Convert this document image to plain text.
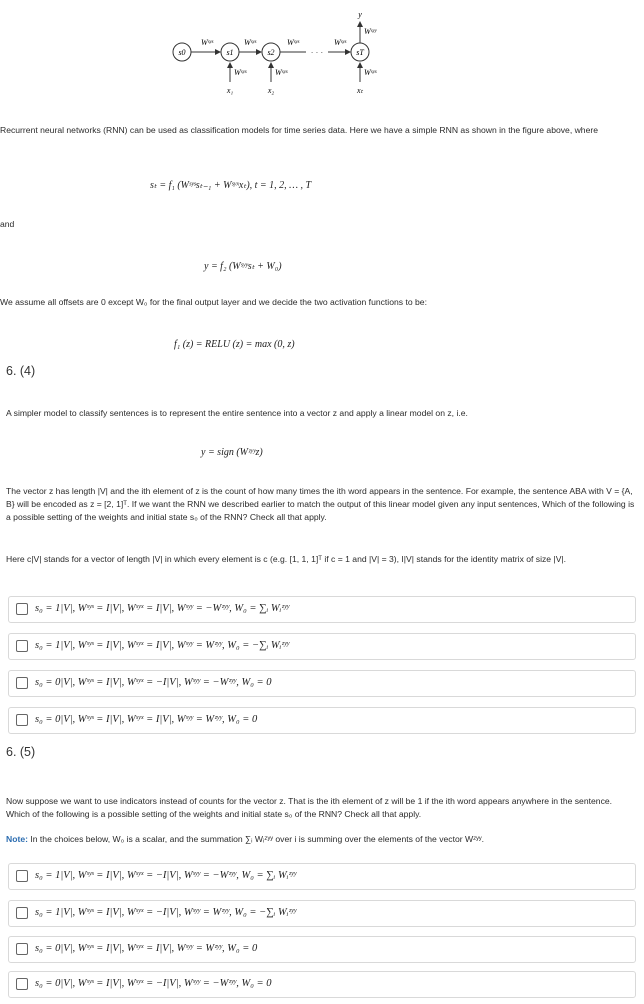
s0	s1	s2	sT
· · ·
Wˢʸˢ	Wˢʸˢ	Wˢʸˢ	Wˢʸˢ
Wˢʸˣ	Wˢʸˣ	Wˢʸˣ
x₁	x₂	xₜ
Wˢʸʸ
y
Recurrent neural networks (RNN) can be used as classification models for time series data. Here we have a simple RNN as shown in the figure above, where
sₜ = f₁ (Wˢʸˢsₜ₋₁ + Wˢʸˣxₜ), t = 1, 2, … , T
and
y = f₂ (Wˢʸʸsₜ + W₀)
We assume all offsets are 0 except W₀ for the final output layer and we decide the two activation functions to be:
f₁ (z) = RELU (z) = max (0, z)
6. (4)
A simpler model to classify sentences is to represent the entire sentence into a vector z and apply a linear model on z, i.e.
y = sign (Wᶻʸʸz)
The vector z has length |V| and the ith element of z is the count of how many times the ith word appears in the sentence. For example, the sentence ABA with V = {A, B} will be encoded as z = [2, 1]ᵀ. If we want the RNN we described earlier to match the output of this linear model given any input sentences, Which of the following is a possible setting of the weights and initial state s₀ of the RNN? Check all that apply.
Here c|V| stands for a vector of length |V| in which every element is c (e.g. [1, 1, 1]ᵀ if c = 1 and |V| = 3), I|V| stands for the identity matrix of size |V|.
s₀ = 1|V|, Wˢʸˢ = I|V|, Wˢʸˣ = I|V|, Wˢʸʸ = −Wᶻʸʸ, W₀ = ∑ᵢ Wᵢᶻʸʸ
s₀ = 1|V|, Wˢʸˢ = I|V|, Wˢʸˣ = I|V|, Wˢʸʸ = Wᶻʸʸ, W₀ = −∑ᵢ Wᵢᶻʸʸ
s₀ = 0|V|, Wˢʸˢ = I|V|, Wˢʸˣ = −I|V|, Wˢʸʸ = −Wᶻʸʸ, W₀ = 0
s₀ = 0|V|, Wˢʸˢ = I|V|, Wˢʸˣ = I|V|, Wˢʸʸ = Wᶻʸʸ, W₀ = 0
6. (5)
Now suppose we want to use indicators instead of counts for the vector z. That is the ith element of z will be 1 if the ith word appears anywhere in the sentence. Which of the following is a possible setting of the weights and initial state s₀ of the RNN? Check all that apply.
Note: In the choices below, W₀ is a scalar, and the summation ∑ᵢ Wᵢᶻʸʸ over i is summing over the elements of the vector Wᶻʸʸ.
s₀ = 1|V|, Wˢʸˢ = I|V|, Wˢʸˣ = −I|V|, Wˢʸʸ = −Wᶻʸʸ, W₀ = ∑ᵢ Wᵢᶻʸʸ
s₀ = 1|V|, Wˢʸˢ = I|V|, Wˢʸˣ = −I|V|, Wˢʸʸ = Wᶻʸʸ, W₀ = −∑ᵢ Wᵢᶻʸʸ
s₀ = 0|V|, Wˢʸˢ = I|V|, Wˢʸˣ = I|V|, Wˢʸʸ = Wᶻʸʸ, W₀ = 0
s₀ = 0|V|, Wˢʸˢ = I|V|, Wˢʸˣ = −I|V|, Wˢʸʸ = −Wᶻʸʸ, W₀ = 0
